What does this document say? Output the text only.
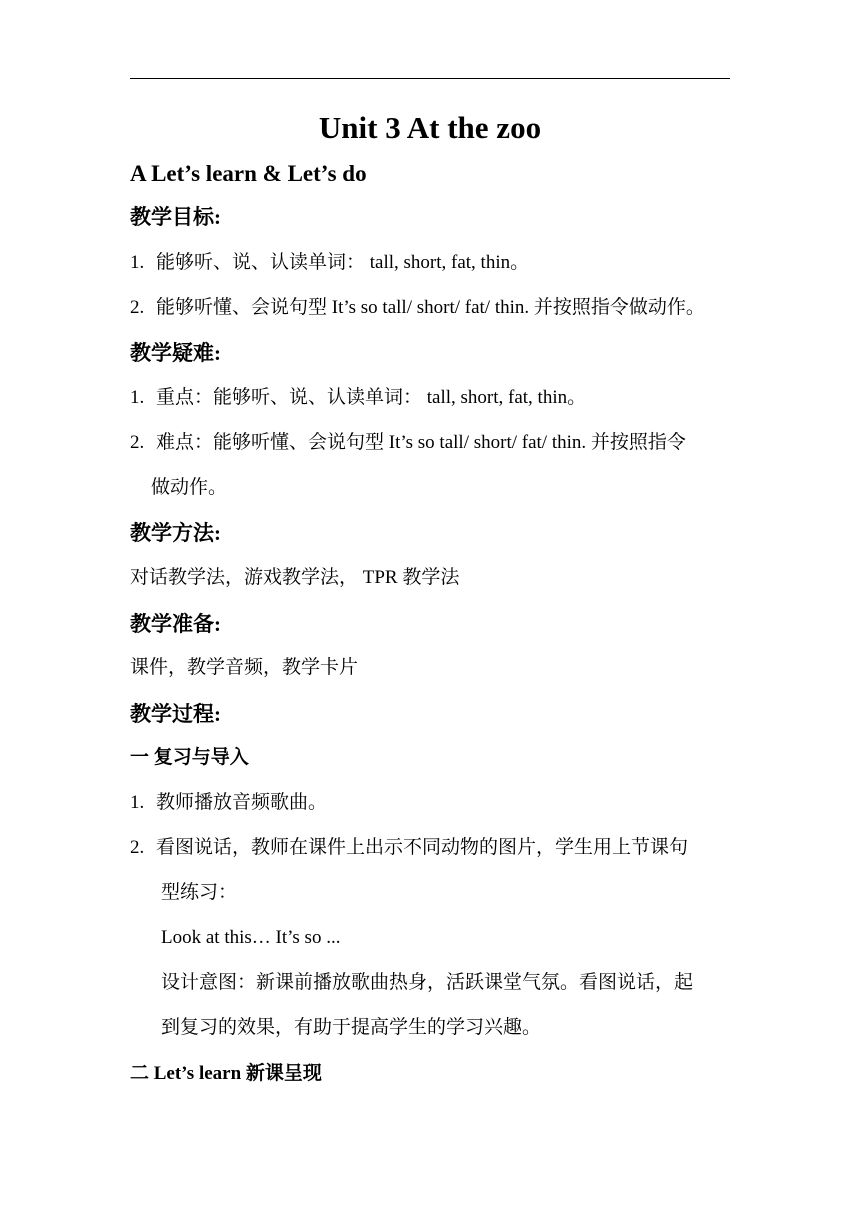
Unit 3 At the zoo
A Let’s learn & Let’s do
教学目标:
1. 能够听、说、认读单词： tall, short, fat, thin。
2. 能够听懂、会说句型 It’s so tall/ short/ fat/ thin. 并按照指令做动作。
教学疑难:
1. 重点：能够听、说、认读单词： tall, short, fat, thin。
2. 难点：能够听懂、会说句型 It’s so tall/ short/ fat/ thin. 并按照指令
做动作。
教学方法:
对话教学法，游戏教学法， TPR 教学法
教学准备:
课件，教学音频，教学卡片
教学过程:
一 复习与导入
1. 教师播放音频歌曲。
2. 看图说话，教师在课件上出示不同动物的图片，学生用上节课句
型练习：
Look at this… It’s so ...
设计意图：新课前播放歌曲热身，活跃课堂气氛。看图说话，起
到复习的效果，有助于提高学生的学习兴趣。
二 Let’s learn 新课呈现
